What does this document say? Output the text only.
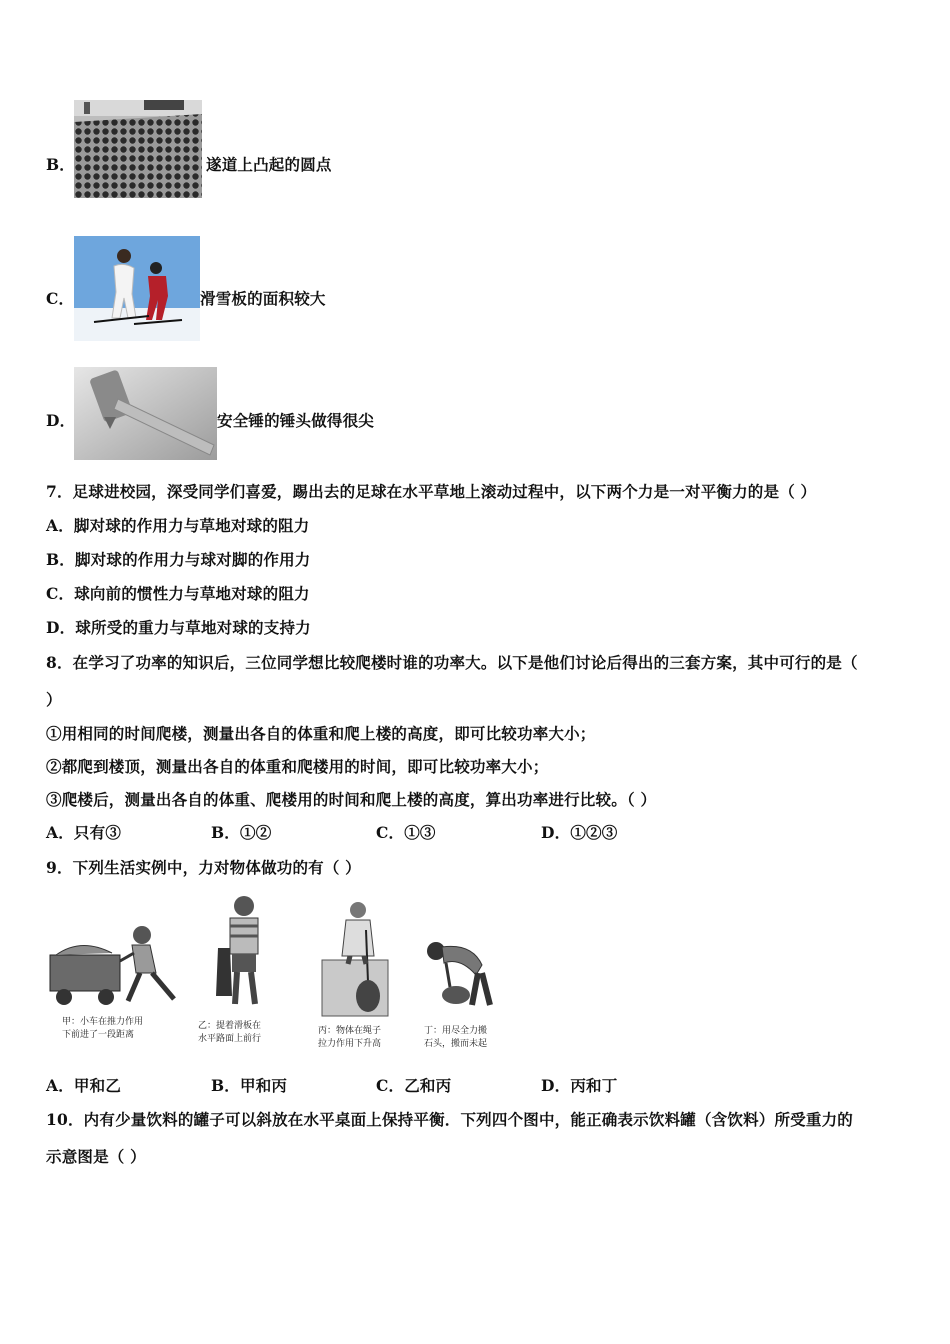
B．	遂道上凸起的圆点
C．	滑雪板的面积较大
D．	安全锤的锤头做得很尖
7．足球进校园，深受同学们喜爱，踢出去的足球在水平草地上滚动过程中，以下两个力是一对平衡力的是（ ）
A．脚对球的作用力与草地对球的阻力
B．脚对球的作用力与球对脚的作用力
C．球向前的惯性力与草地对球的阻力
D．球所受的重力与草地对球的支持力
8．在学习了功率的知识后，三位同学想比较爬楼时谁的功率大。以下是他们讨论后得出的三套方案，其中可行的是（
）
①用相同的时间爬楼，测量出各自的体重和爬上楼的高度，即可比较功率大小；
②都爬到楼顶，测量出各自的体重和爬楼用的时间，即可比较功率大小；
③爬楼后，测量出各自的体重、爬楼用的时间和爬上楼的高度，算出功率进行比较。（ ）
A．只有③	B．①②	C．①③	D．①②③
9．下列生活实例中，力对物体做功的有（ ）
甲：小车在推力作用
下前进了一段距离
乙：提着滑板在
水平路面上前行
丙：物体在绳子
拉力作用下升高
丁：用尽全力搬
石头，搬而未起
A．甲和乙	B．甲和丙	C．乙和丙	D．丙和丁
10．内有少量饮料的罐子可以斜放在水平桌面上保持平衡．下列四个图中，能正确表示饮料罐（含饮料）所受重力的
示意图是（ ）
